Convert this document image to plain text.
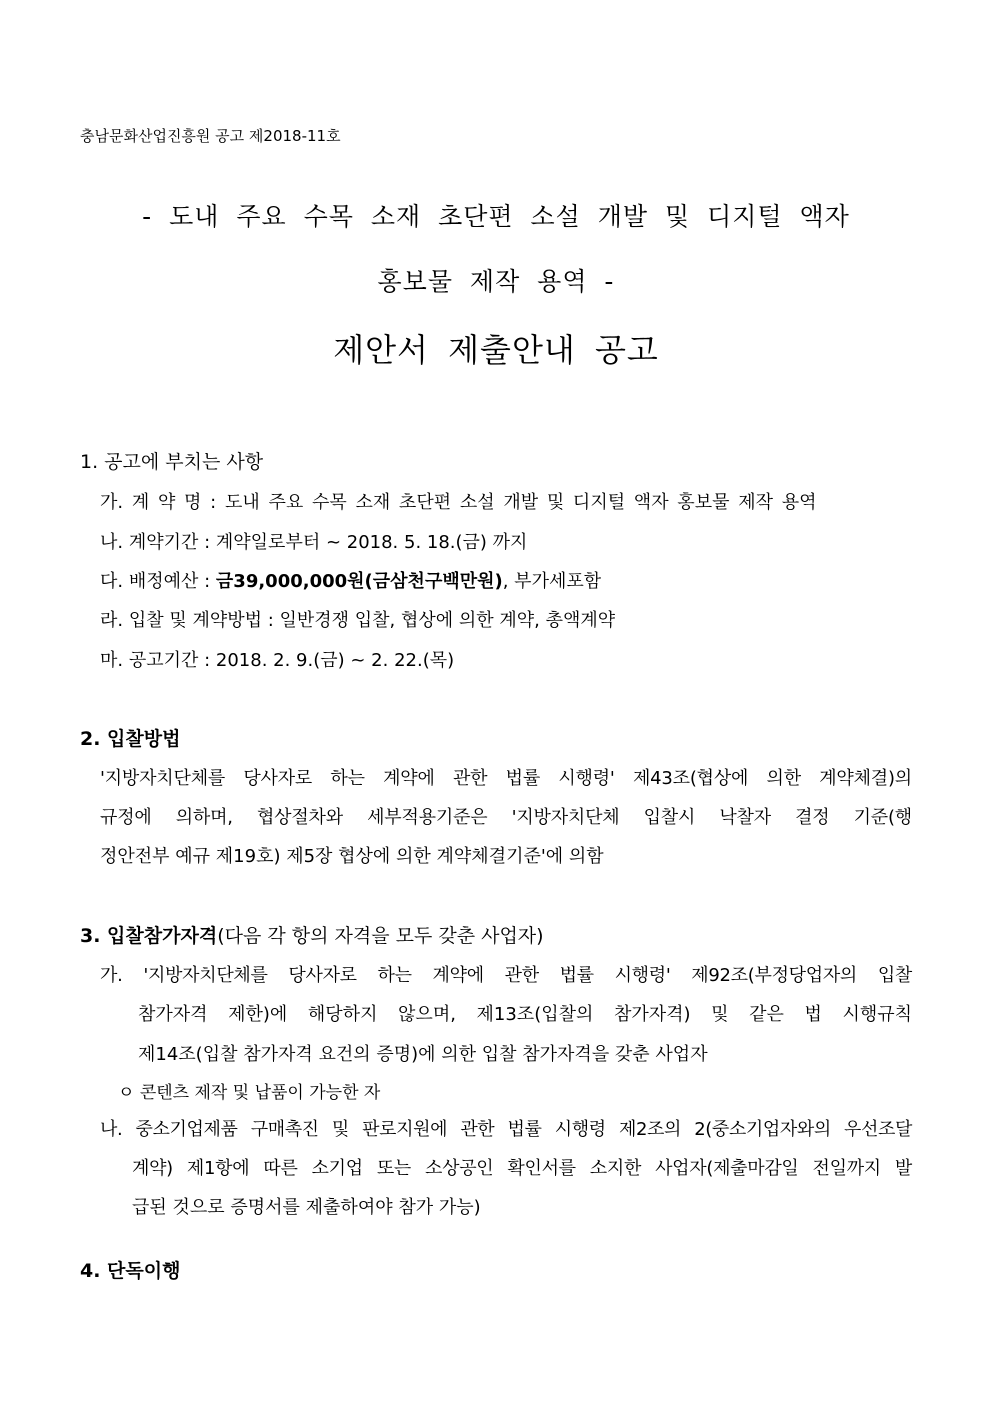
충남문화산업진흥원 공고 제2018-11호
- 도내 주요 수목 소재 초단편 소설 개발 및 디지털 액자
홍보물 제작 용역 -
제안서 제출안내 공고
1. 공고에 부치는 사항
가. 계 약 명 : 도내 주요 수목 소재 초단편 소설 개발 및 디지털 액자 홍보물 제작 용역
나. 계약기간 : 계약일로부터 ~ 2018. 5. 18.(금) 까지
다. 배정예산 : 금39,000,000원(금삼천구백만원), 부가세포함
라. 입찰 및 계약방법 : 일반경쟁 입찰, 협상에 의한 계약, 총액계약
마. 공고기간 : 2018. 2. 9.(금) ~ 2. 22.(목)
2. 입찰방법
'지방자치단체를 당사자로 하는 계약에 관한 법률 시행령' 제43조(협상에 의한 계약체결)의
규정에 의하며, 협상절차와 세부적용기준은 '지방자치단체 입찰시 낙찰자 결정 기준(행
정안전부 예규 제19호) 제5장 협상에 의한 계약체결기준'에 의함
3. 입찰참가자격(다음 각 항의 자격을 모두 갖춘 사업자)
가. '지방자치단체를 당사자로 하는 계약에 관한 법률 시행령' 제92조(부정당업자의 입찰
참가자격 제한)에 해당하지 않으며, 제13조(입찰의 참가자격) 및 같은 법 시행규칙
제14조(입찰 참가자격 요건의 증명)에 의한 입찰 참가자격을 갖춘 사업자
ㅇ 콘텐츠 제작 및 납품이 가능한 자
나. 중소기업제품 구매촉진 및 판로지원에 관한 법률 시행령 제2조의 2(중소기업자와의 우선조달
계약) 제1항에 따른 소기업 또는 소상공인 확인서를 소지한 사업자(제출마감일 전일까지 발
급된 것으로 증명서를 제출하여야 참가 가능)
4. 단독이행
